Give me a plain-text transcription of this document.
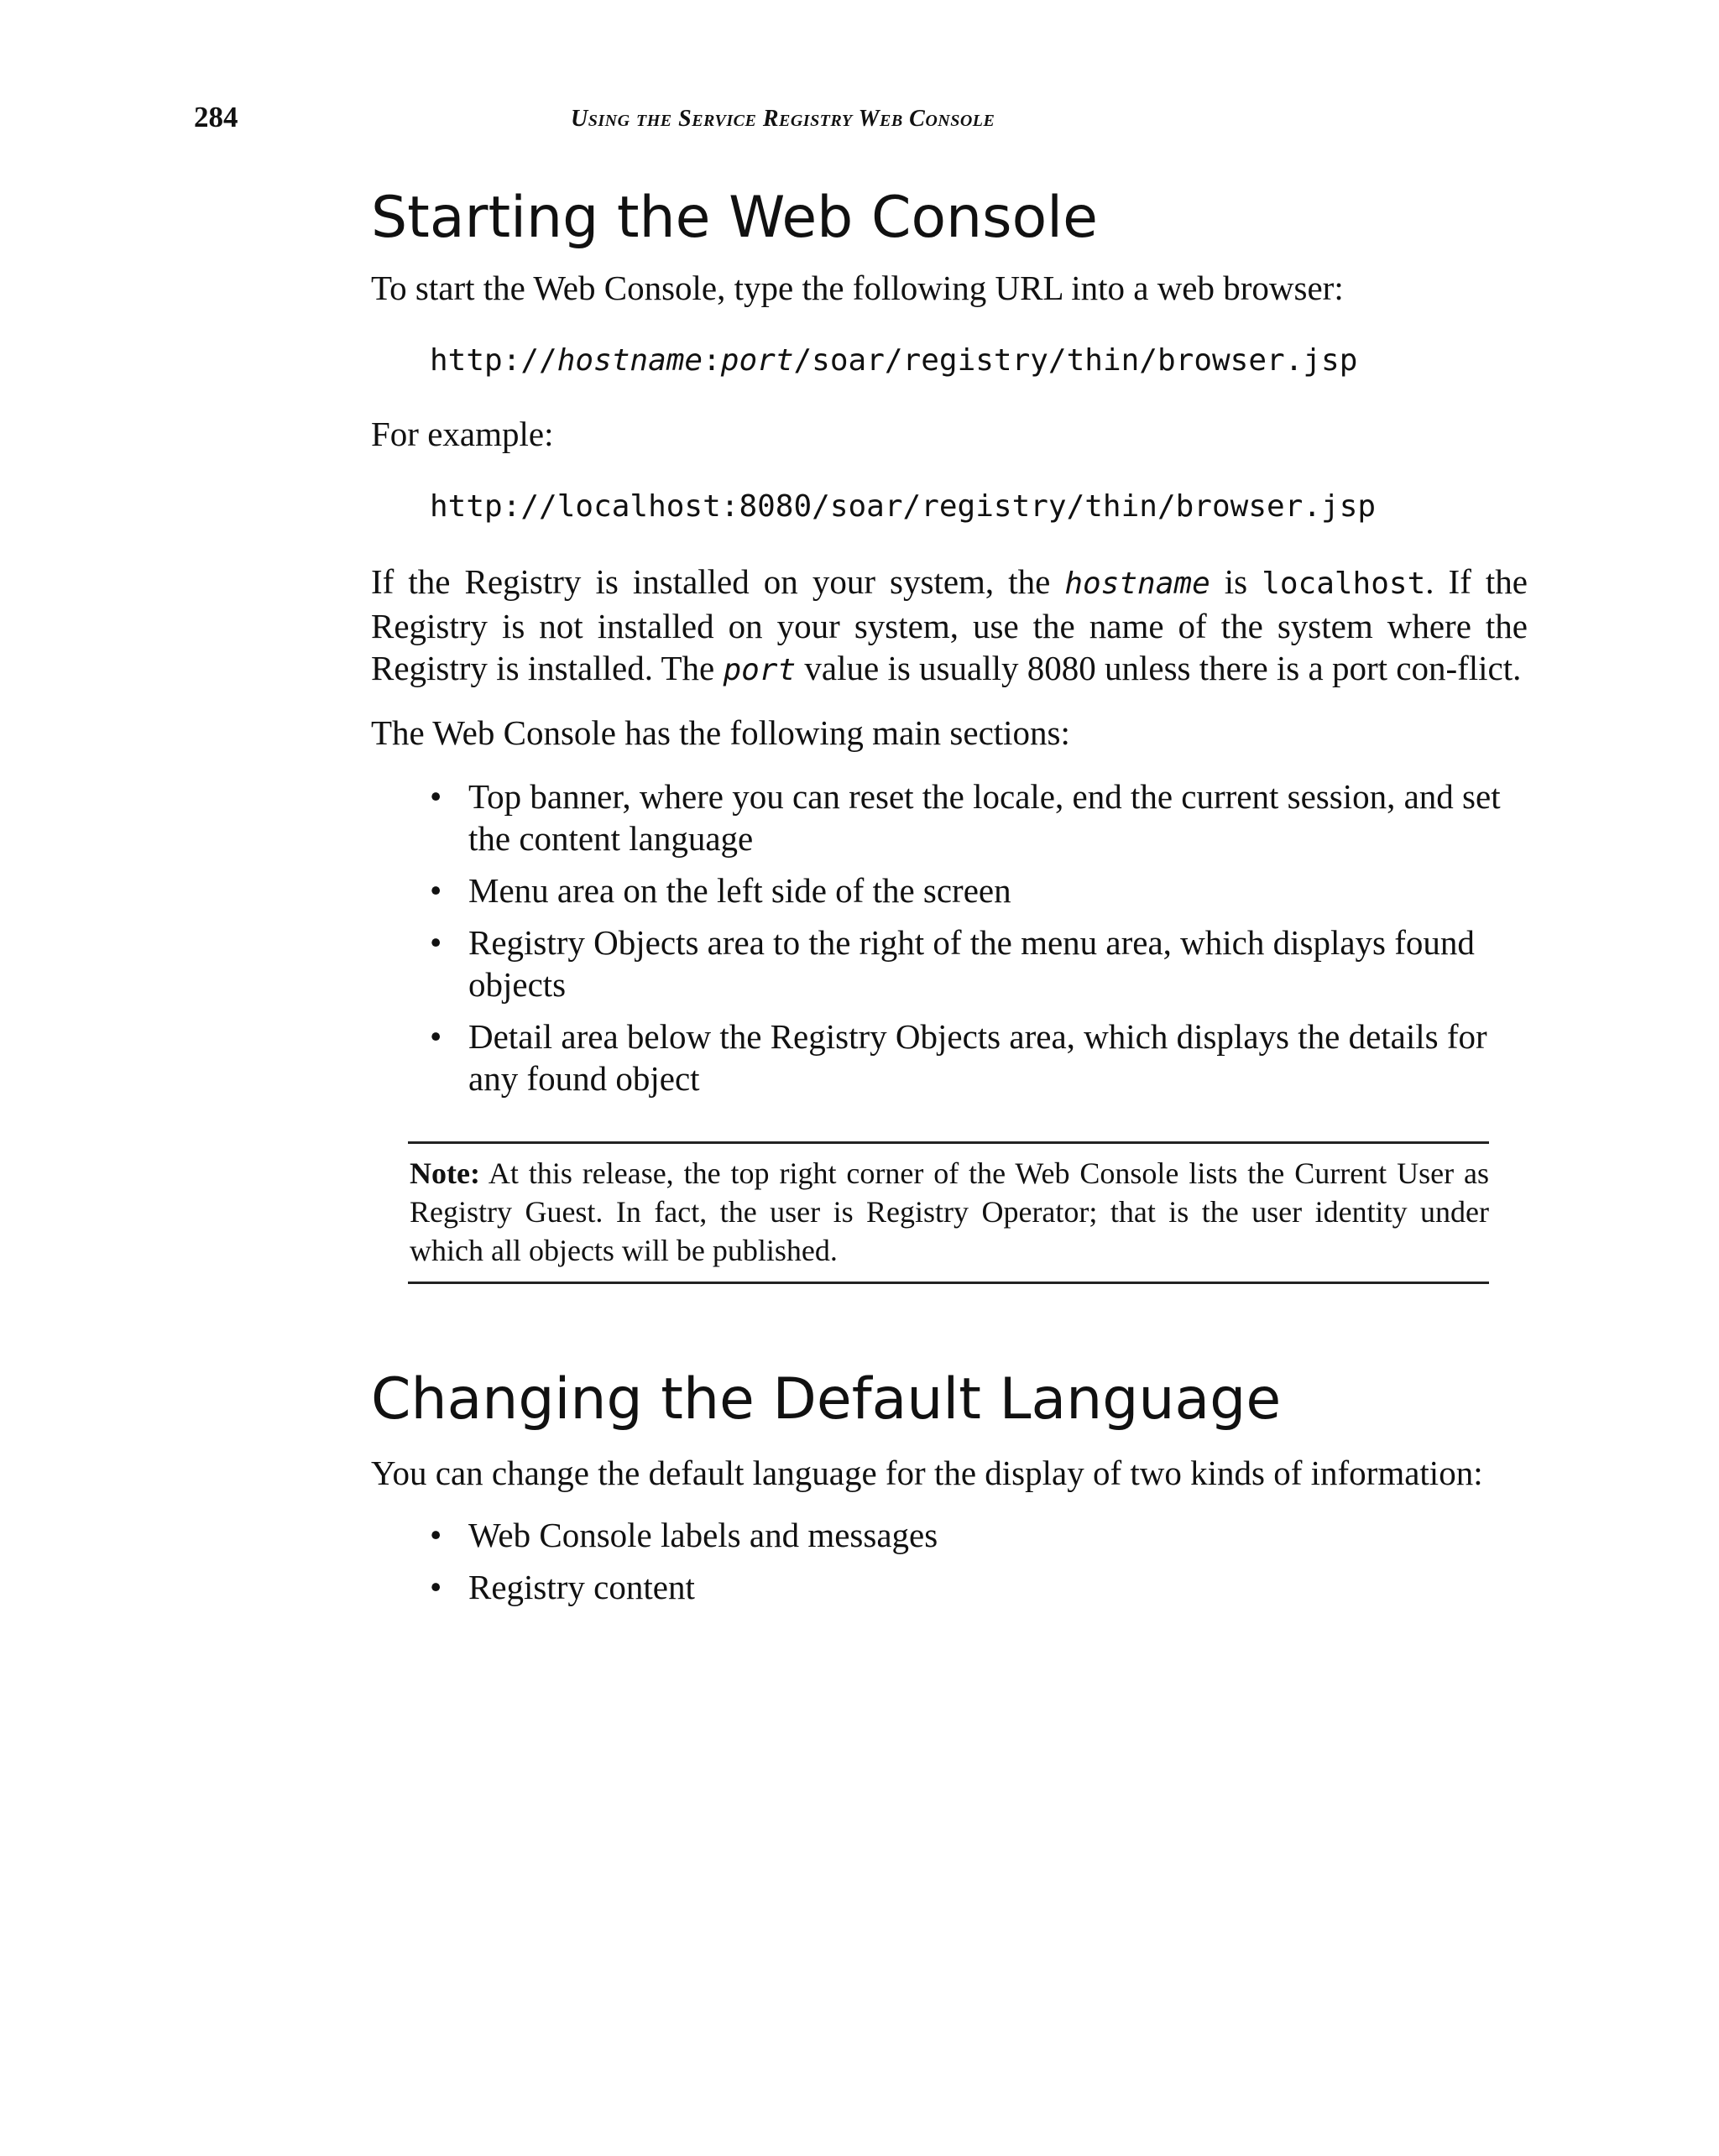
284	Using the Service Registry Web Console
Starting the Web Console

To start the Web Console, type the following URL into a web browser:

http://hostname:port/soar/registry/thin/browser.jsp

For example:

http://localhost:8080/soar/registry/thin/browser.jsp

If the Registry is installed on your system, the hostname is localhost. If the Registry is not installed on your system, use the name of the system where the Registry is installed. The port value is usually 8080 unless there is a port con-flict.

The Web Console has the following main sections:

• Top banner, where you can reset the locale, end the current session, and set the content language
• Menu area on the left side of the screen
• Registry Objects area to the right of the menu area, which displays found objects
• Detail area below the Registry Objects area, which displays the details for any found object
Note: At this release, the top right corner of the Web Console lists the Current User as Registry Guest. In fact, the user is Registry Operator; that is the user identity under which all objects will be published.
Changing the Default Language

You can change the default language for the display of two kinds of information:

• Web Console labels and messages
• Registry content
